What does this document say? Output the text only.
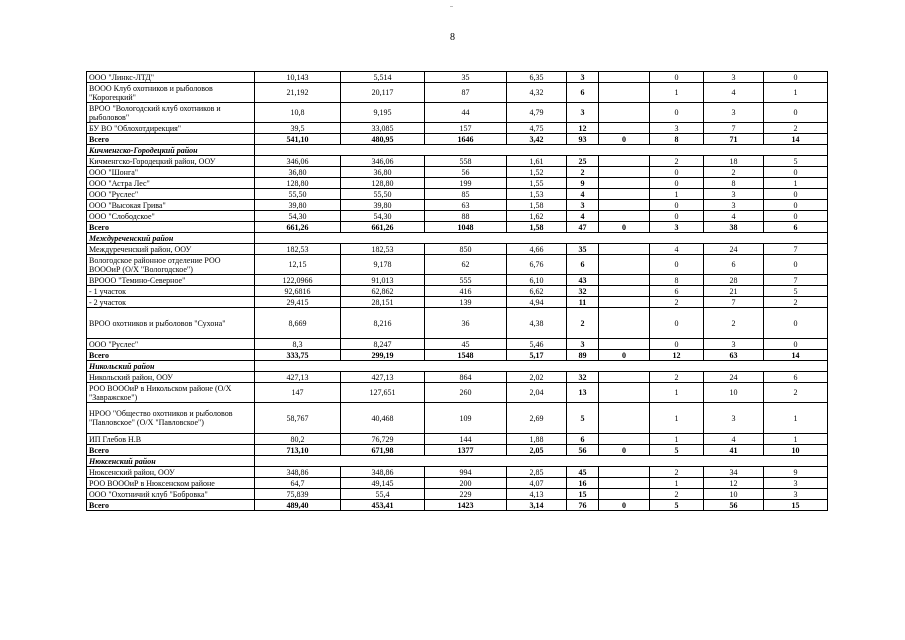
8
ООО "Линкс-ЛТД"	10,143	5,514	35	6,35	3		0	3	0
ВООО Клуб охотников и рыболовов "Корогецкий"	21,192	20,117	87	4,32	6		1	4	1
ВРОО "Вологодский клуб охотников и рыболовов"	10,8	9,195	44	4,79	3		0	3	0
БУ ВО "Облохотдирекция"	39,5	33,085	157	4,75	12		3	7	2
Всего	541,10	480,95	1646	3,42	93	0	8	71	14
Кичменгско-Городецкий район									
Кичменгско-Городецкий район, ООУ	346,06	346,06	558	1,61	25		2	18	5
ООО "Шонга"	36,80	36,80	56	1,52	2		0	2	0
ООО "Астра Лес"	128,80	128,80	199	1,55	9		0	8	1
ООО "Руслес"	55,50	55,50	85	1,53	4		1	3	0
ООО "Высокая Грива"	39,80	39,80	63	1,58	3		0	3	0
ООО "Слободское"	54,30	54,30	88	1,62	4		0	4	0
Всего	661,26	661,26	1048	1,58	47	0	3	38	6
Междуреченский район									
Междуреченский район, ООУ	182,53	182,53	850	4,66	35		4	24	7
Вологодское районное отделение РОО ВОООиР (О/Х "Вологодское")	12,15	9,178	62	6,76	6		0	6	0
ВРООО "Темино-Северное"	122,0966	91,013	555	6,10	43		8	28	7
- 1 участок	92,6816	62,862	416	6,62	32		6	21	5
- 2 участок	29,415	28,151	139	4,94	11		2	7	2
ВРОО охотников и рыболовов "Сухона"	8,669	8,216	36	4,38	2		0	2	0
ООО "Руслес"	8,3	8,247	45	5,46	3		0	3	0
Всего	333,75	299,19	1548	5,17	89	0	12	63	14
Никольский район									
Никольский район, ООУ	427,13	427,13	864	2,02	32		2	24	6
РОО ВОООиР в Никольском районе (О/Х "Завражское")	147	127,651	260	2,04	13		1	10	2
НРОО "Общество охотников и рыболовов "Павловское" (О/Х "Павловское")	58,767	40,468	109	2,69	5		1	3	1
ИП Глебов Н.В	80,2	76,729	144	1,88	6		1	4	1
Всего	713,10	671,98	1377	2,05	56	0	5	41	10
Нюксенский район									
Нюксенский район, ООУ	348,86	348,86	994	2,85	45		2	34	9
РОО ВОООиР в Нюксенском районе	64,7	49,145	200	4,07	16		1	12	3
ООО "Охотничий клуб "Бобровка"	75,839	55,4	229	4,13	15		2	10	3
Всего	489,40	453,41	1423	3,14	76	0	5	56	15
